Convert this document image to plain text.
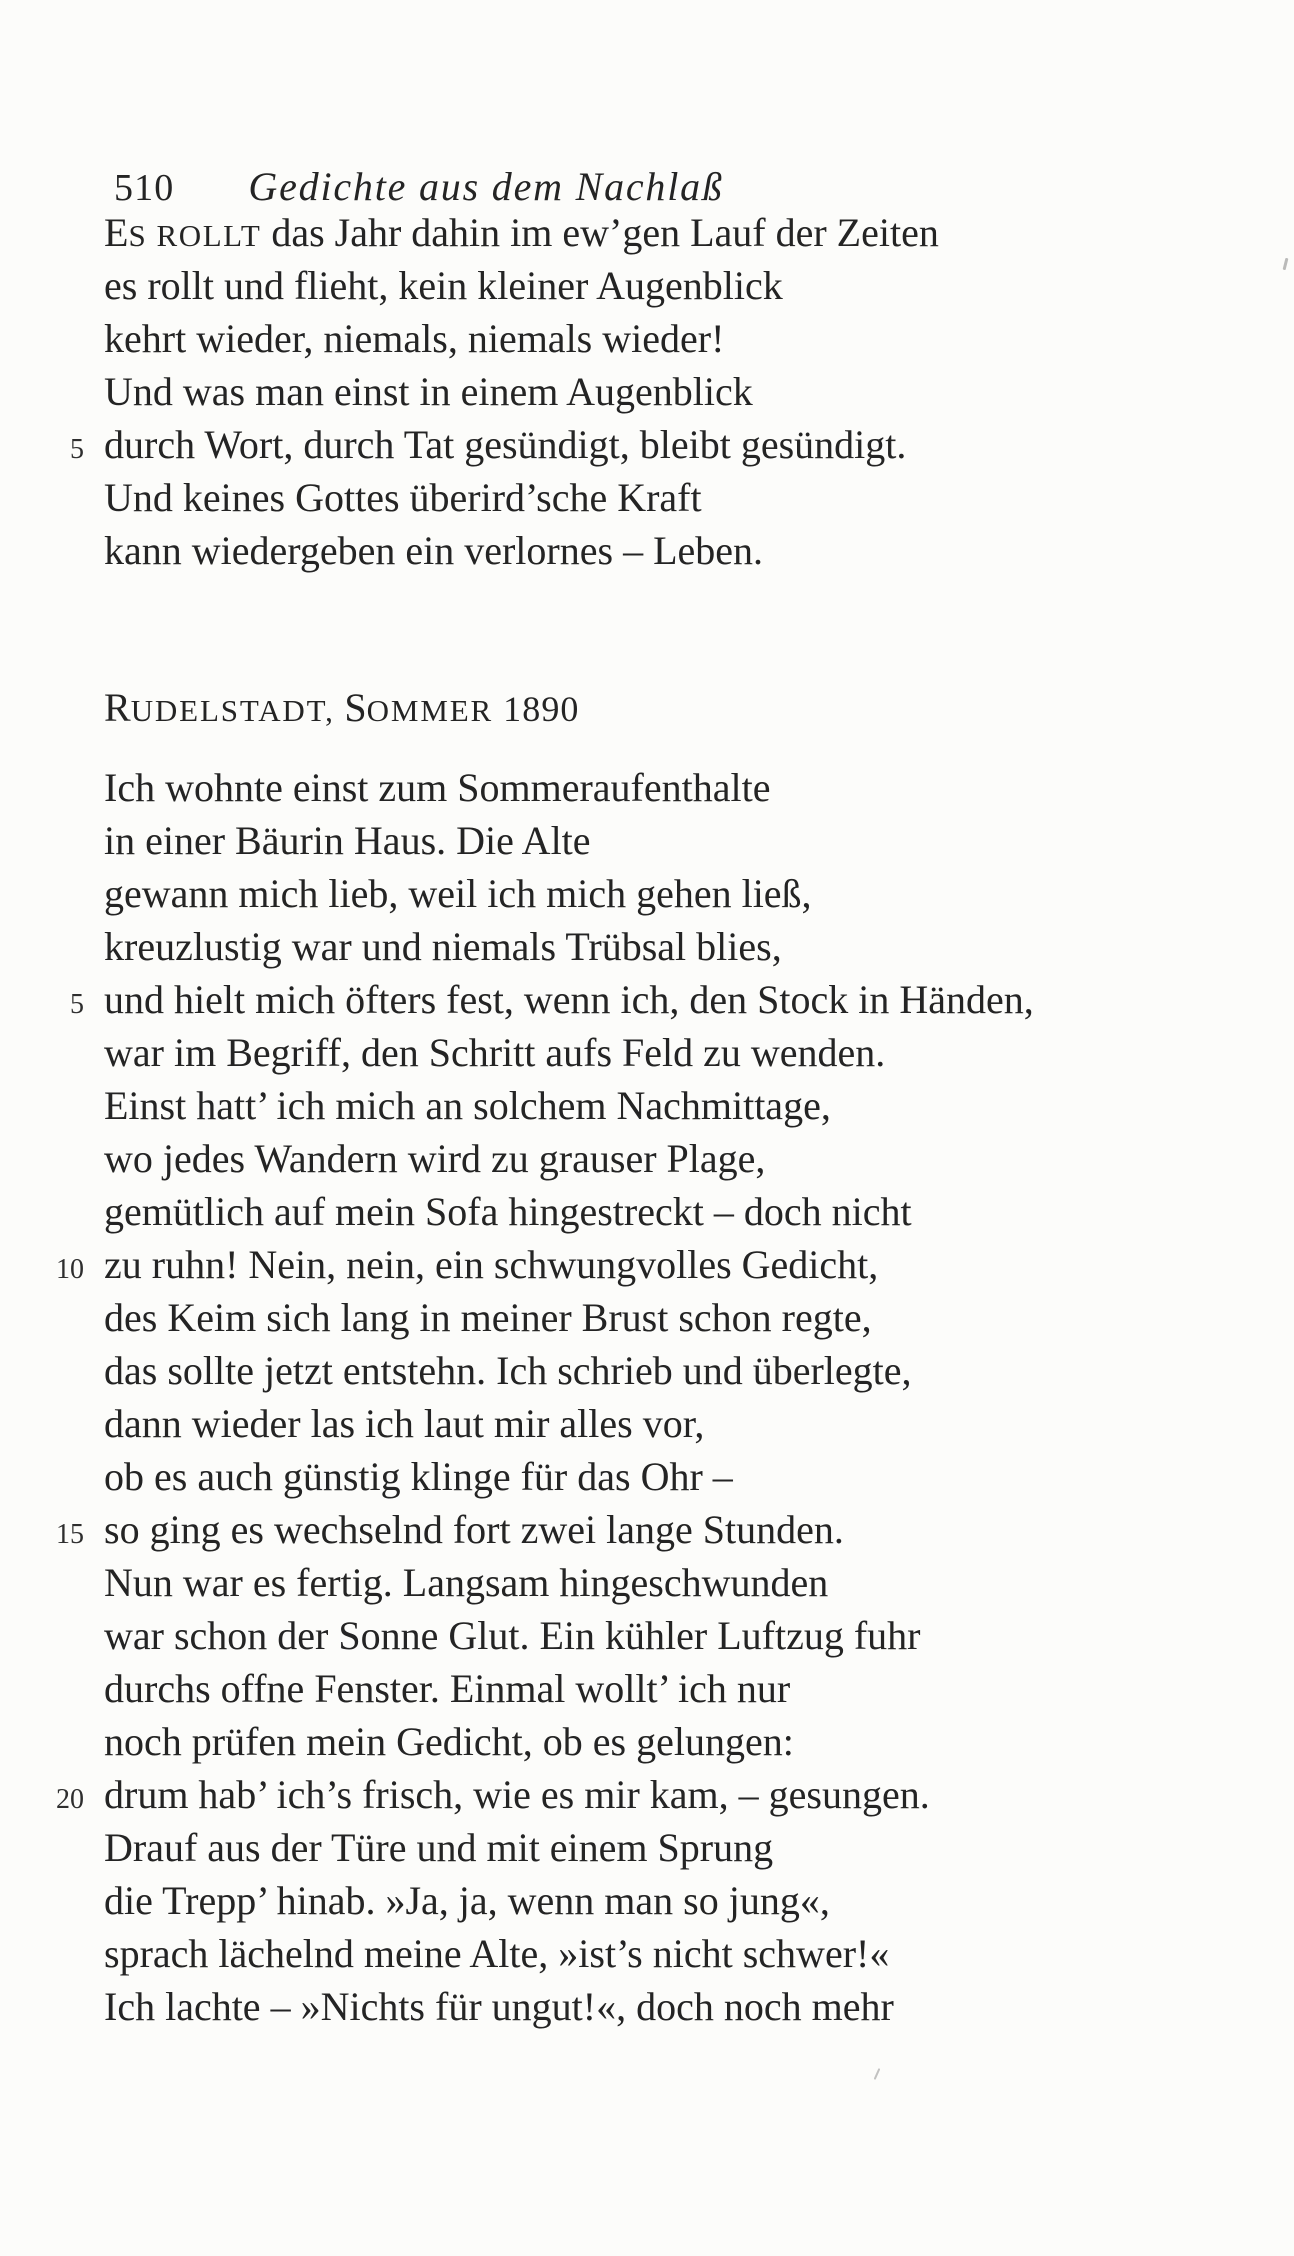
510 Gedichte aus dem Nachlaß

ES ROLLT das Jahr dahin im ew’gen Lauf der Zeiten
es rollt und flieht, kein kleiner Augenblick
kehrt wieder, niemals, niemals wieder!
Und was man einst in einem Augenblick
5 durch Wort, durch Tat gesündigt, bleibt gesündigt.
Und keines Gottes überird’sche Kraft
kann wiedergeben ein verlornes – Leben.
RUDELSTADT, SOMMER 1890
Ich wohnte einst zum Sommeraufenthalte
in einer Bäurin Haus. Die Alte
gewann mich lieb, weil ich mich gehen ließ,
kreuzlustig war und niemals Trübsal blies,
5 und hielt mich öfters fest, wenn ich, den Stock in Händen,
war im Begriff, den Schritt aufs Feld zu wenden.
Einst hatt’ ich mich an solchem Nachmittage,
wo jedes Wandern wird zu grauser Plage,
gemütlich auf mein Sofa hingestreckt – doch nicht
10 zu ruhn! Nein, nein, ein schwungvolles Gedicht,
des Keim sich lang in meiner Brust schon regte,
das sollte jetzt entstehn. Ich schrieb und überlegte,
dann wieder las ich laut mir alles vor,
ob es auch günstig klinge für das Ohr –
15 so ging es wechselnd fort zwei lange Stunden.
Nun war es fertig. Langsam hingeschwunden
war schon der Sonne Glut. Ein kühler Luftzug fuhr
durchs offne Fenster. Einmal wollt’ ich nur
noch prüfen mein Gedicht, ob es gelungen:
20 drum hab’ ich’s frisch, wie es mir kam, – gesungen.
Drauf aus der Türe und mit einem Sprung
die Trepp’ hinab. »Ja, ja, wenn man so jung«,
sprach lächelnd meine Alte, »ist’s nicht schwer!«
Ich lachte – »Nichts für ungut!«, doch noch mehr
